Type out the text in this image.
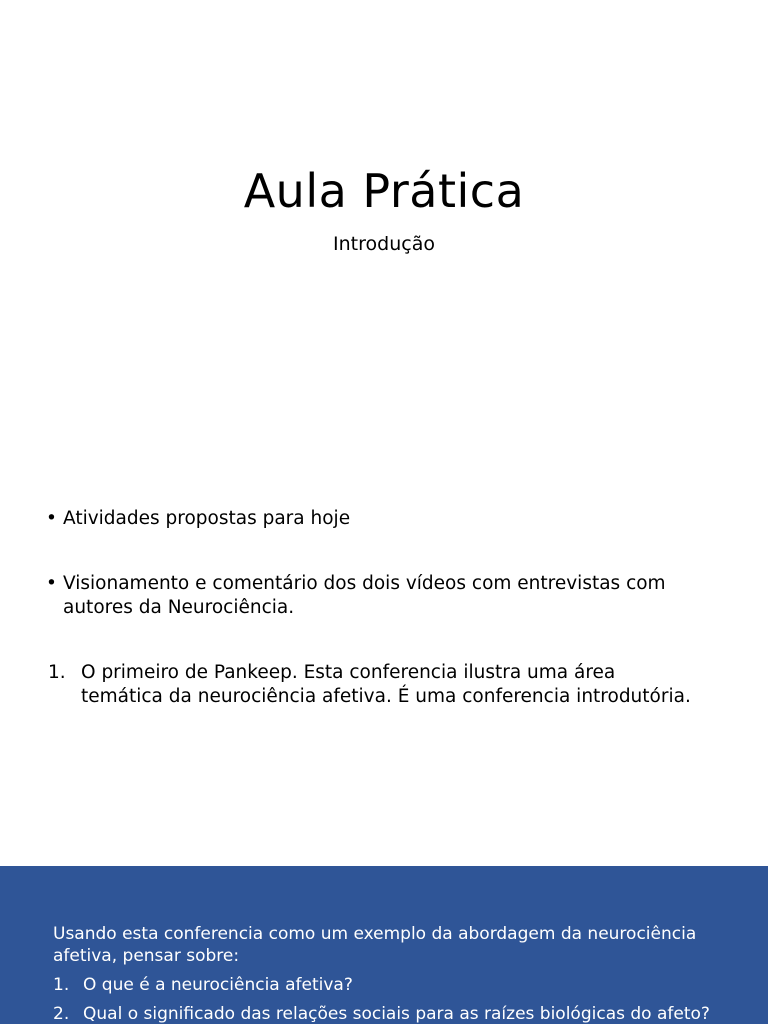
Aula Prática
Introdução
• Atividades propostas para hoje
• Visionamento e comentário dos dois vídeos com entrevistas com autores da Neurociência.
1. O primeiro de Pankeep. Esta conferencia ilustra uma área temática da neurociência afetiva. É uma conferencia introdutória.

Usando esta conferencia como um exemplo da abordagem da neurociência afetiva, pensar sobre:

1. O que é a neurociência afetiva?
2. Qual o significado das relações sociais para as raízes biológicas do afeto?
